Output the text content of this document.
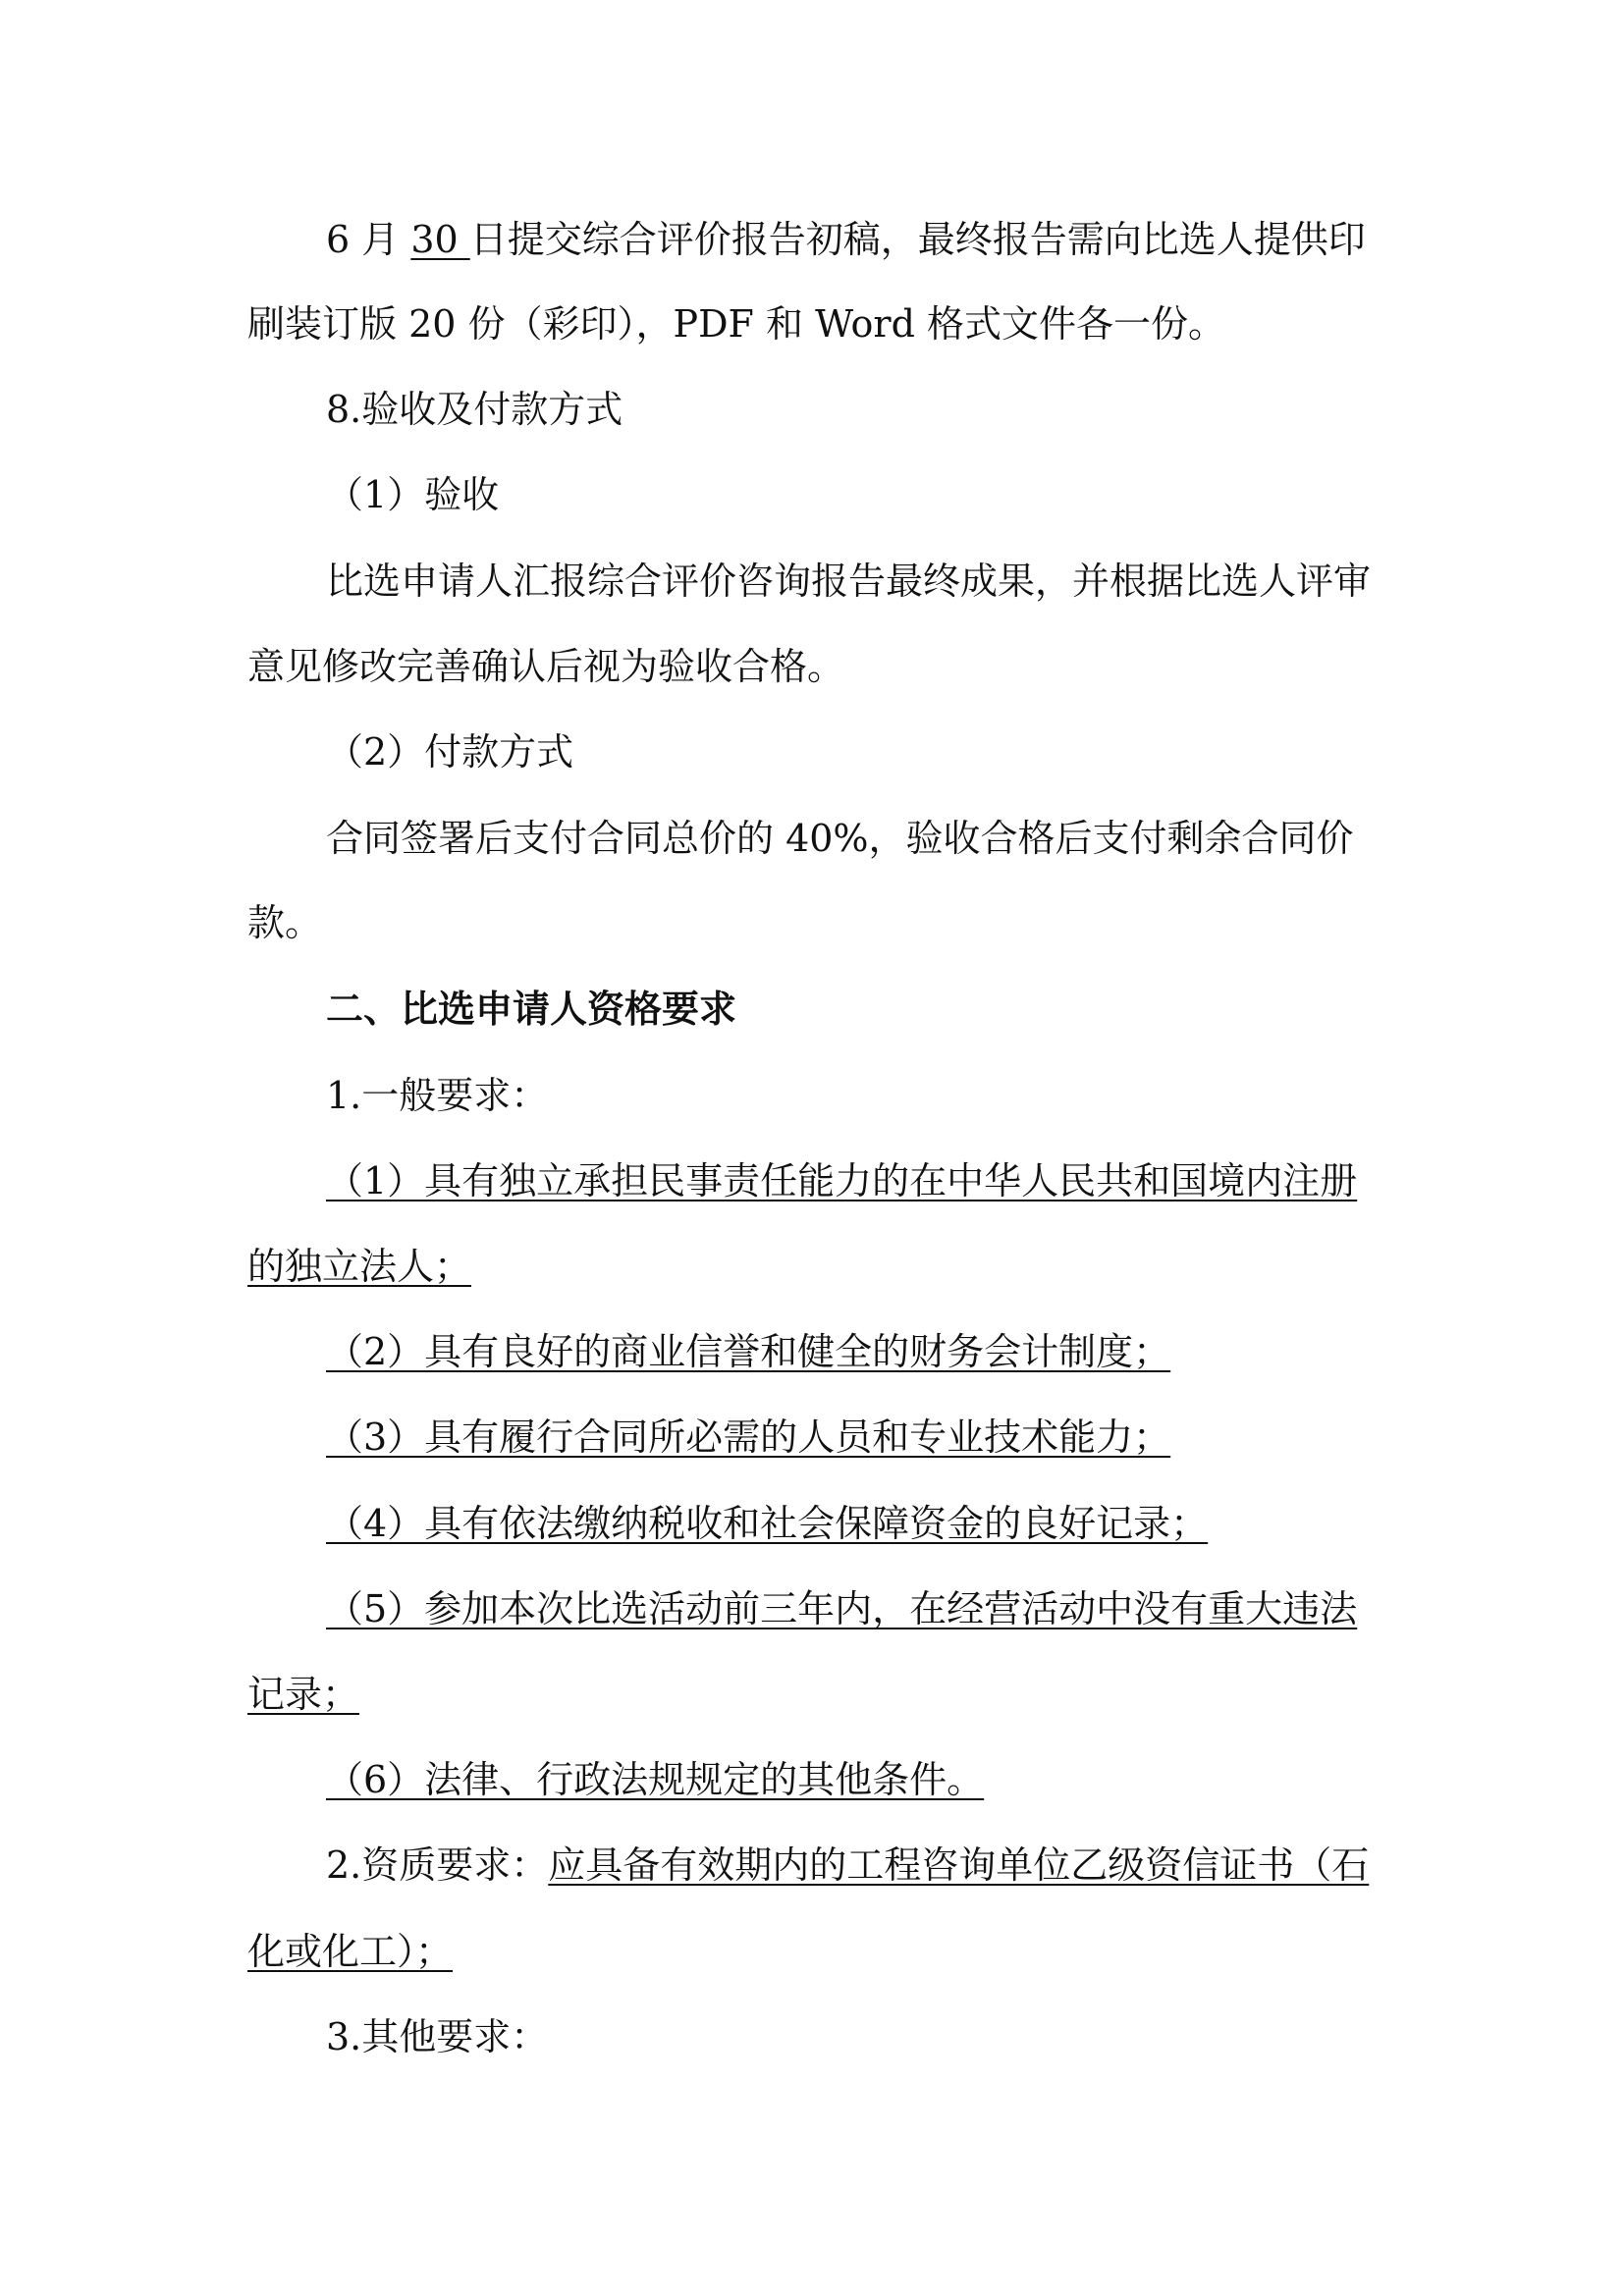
6 月 30 日提交综合评价报告初稿，最终报告需向比选人提供印
刷装订版 20 份（彩印），PDF 和 Word 格式文件各一份。
8.验收及付款方式
（1）验收
比选申请人汇报综合评价咨询报告最终成果，并根据比选人评审
意见修改完善确认后视为验收合格。
（2）付款方式
合同签署后支付合同总价的 40%，验收合格后支付剩余合同价
款。
二、比选申请人资格要求
1.一般要求：
（1）具有独立承担民事责任能力的在中华人民共和国境内注册
的独立法人；
（2）具有良好的商业信誉和健全的财务会计制度；
（3）具有履行合同所必需的人员和专业技术能力；
（4）具有依法缴纳税收和社会保障资金的良好记录；
（5）参加本次比选活动前三年内，在经营活动中没有重大违法
记录；
（6）法律、行政法规规定的其他条件。
2.资质要求：应具备有效期内的工程咨询单位乙级资信证书（石
化或化工）；
3.其他要求：
